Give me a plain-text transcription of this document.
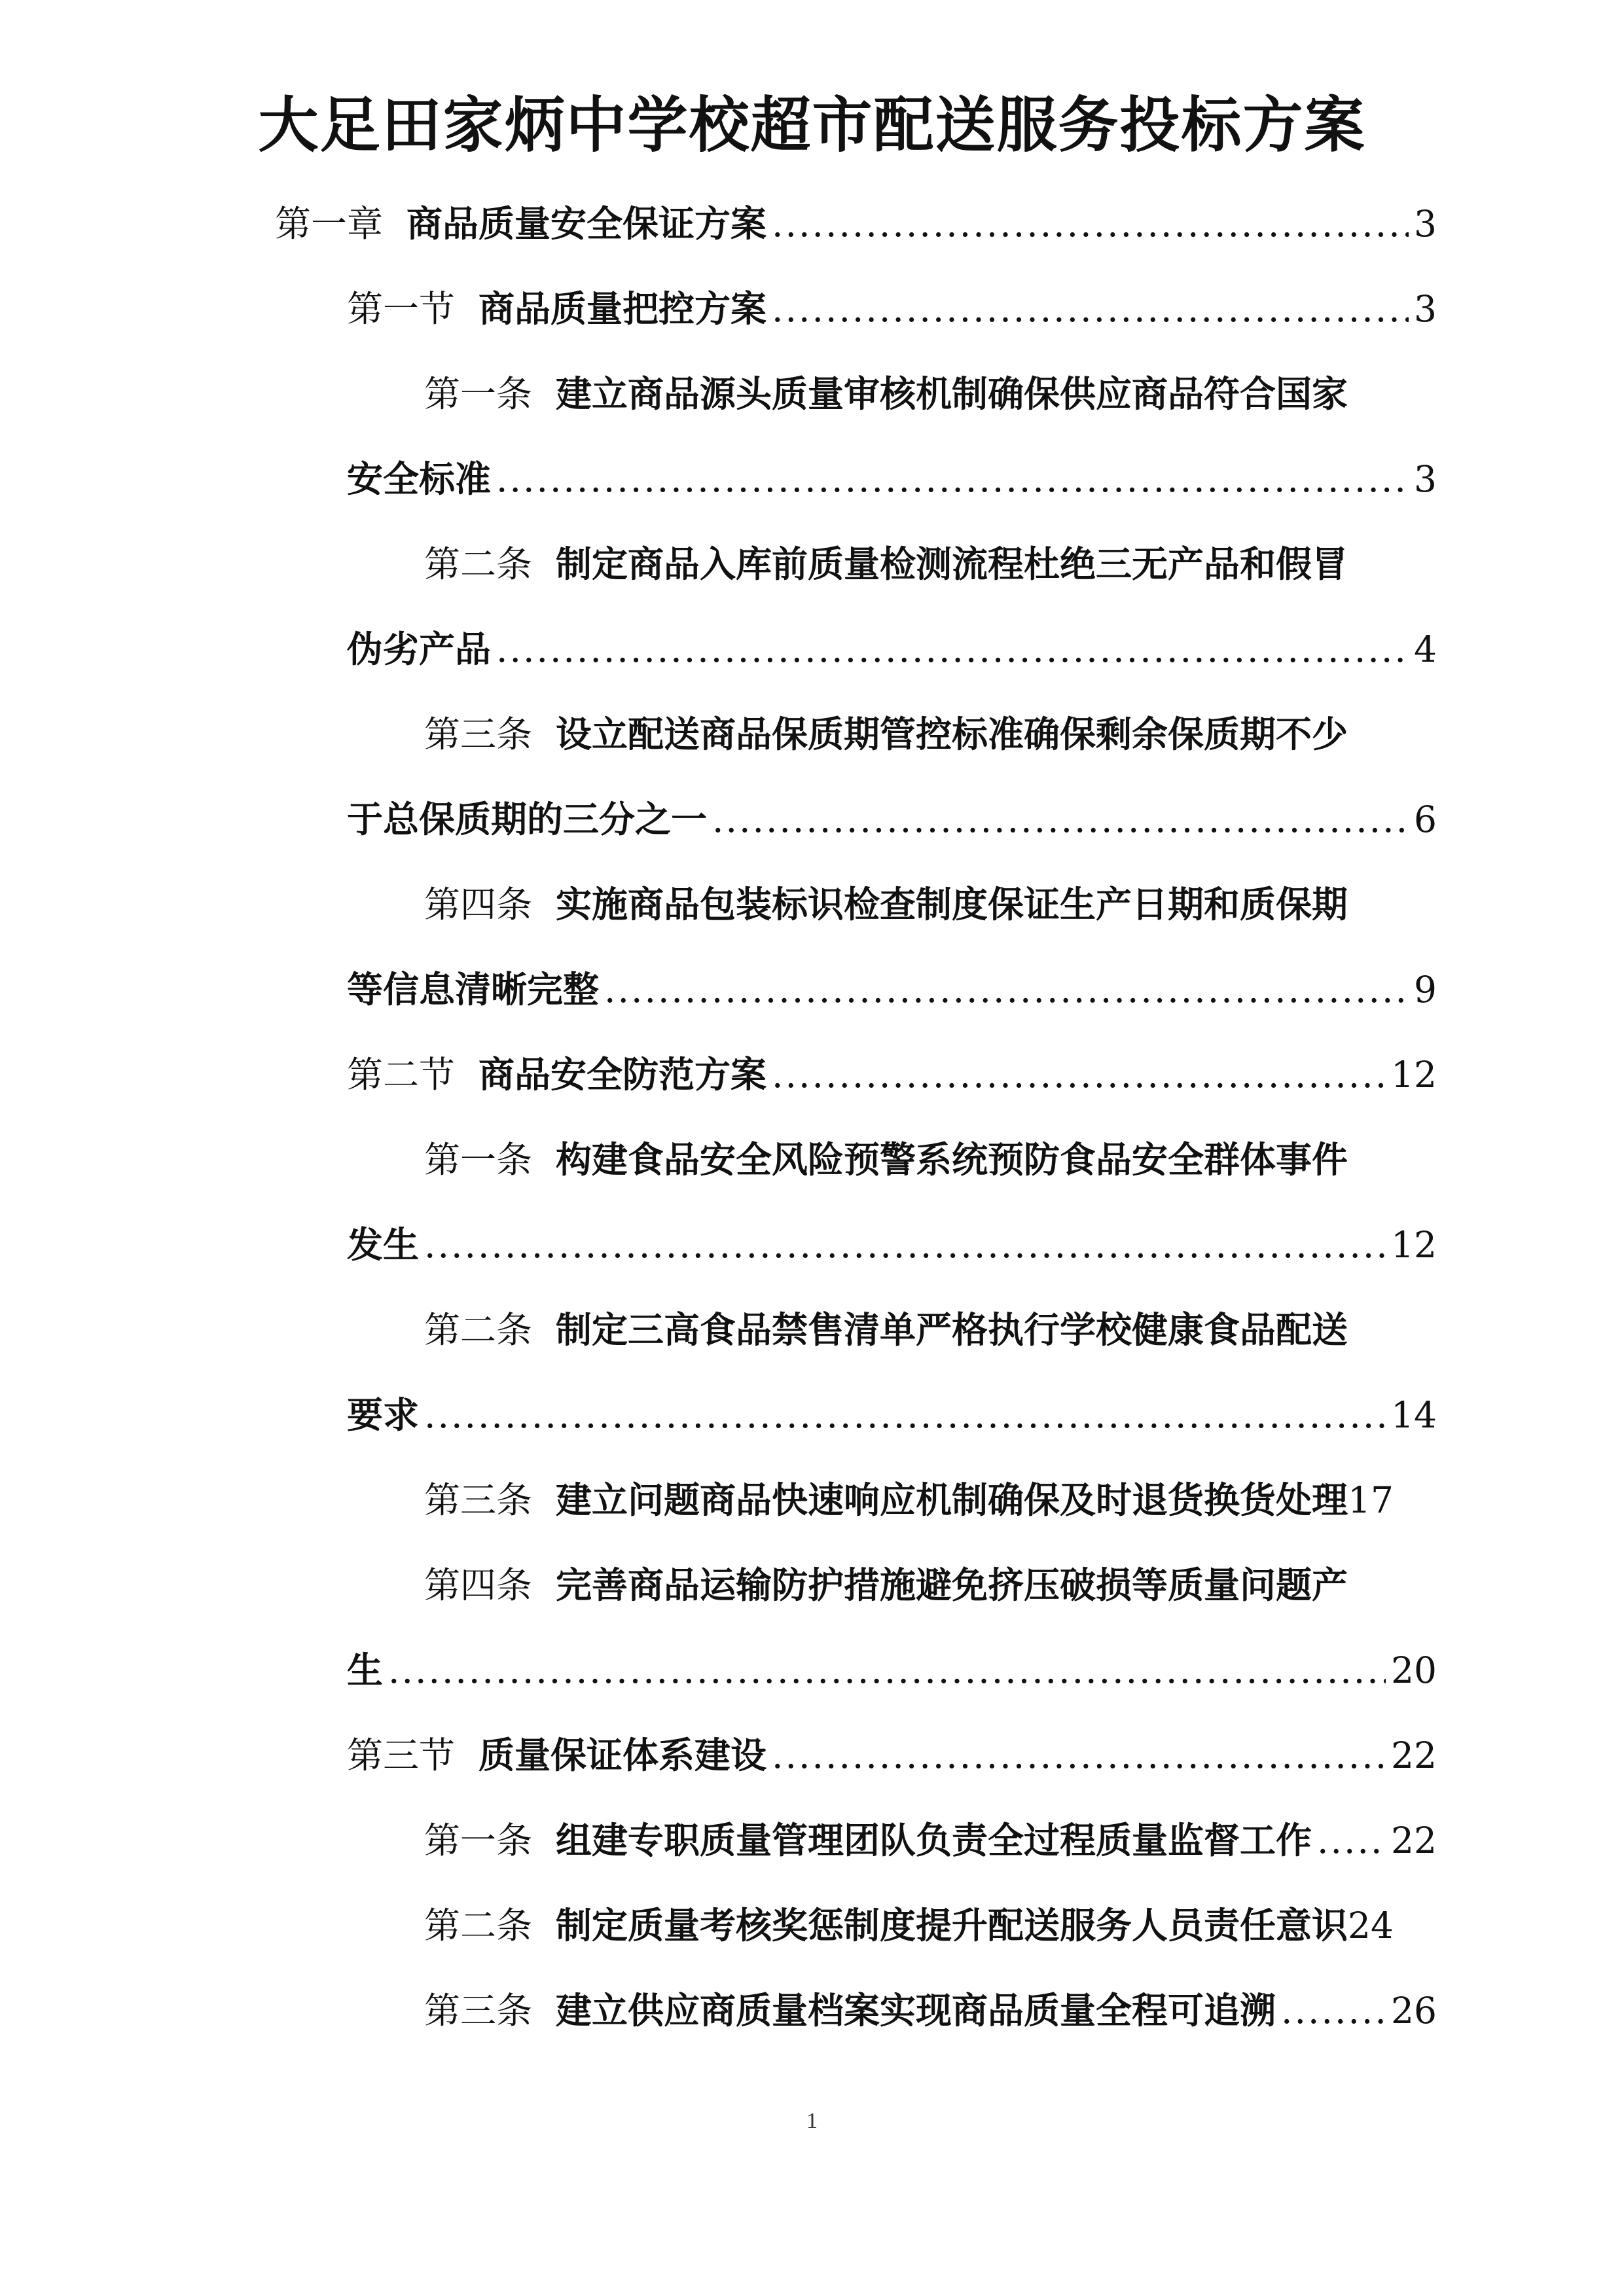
大足田家炳中学校超市配送服务投标方案
第一章 商品质量安全保证方案 .....	3
第一节 商品质量把控方案 .....	3
第一条 建立商品源头质量审核机制确保供应商品符合国家
安全标准 .....	3
第二条 制定商品入库前质量检测流程杜绝三无产品和假冒
伪劣产品 .....	4
第三条 设立配送商品保质期管控标准确保剩余保质期不少
于总保质期的三分之一 .....	6
第四条 实施商品包装标识检查制度保证生产日期和质保期
等信息清晰完整 .....	9
第二节 商品安全防范方案 .....	12
第一条 构建食品安全风险预警系统预防食品安全群体事件
发生 .....	12
第二条 制定三高食品禁售清单严格执行学校健康食品配送
要求 .....	14
第三条 建立问题商品快速响应机制确保及时退货换货处理 17
第四条 完善商品运输防护措施避免挤压破损等质量问题产
生 .....	20
第三节 质量保证体系建设 .....	22
第一条 组建专职质量管理团队负责全过程质量监督工作 ..... 22
第二条 制定质量考核奖惩制度提升配送服务人员责任意识 24
第三条 建立供应商质量档案实现商品质量全程可追溯 .....	26
1
